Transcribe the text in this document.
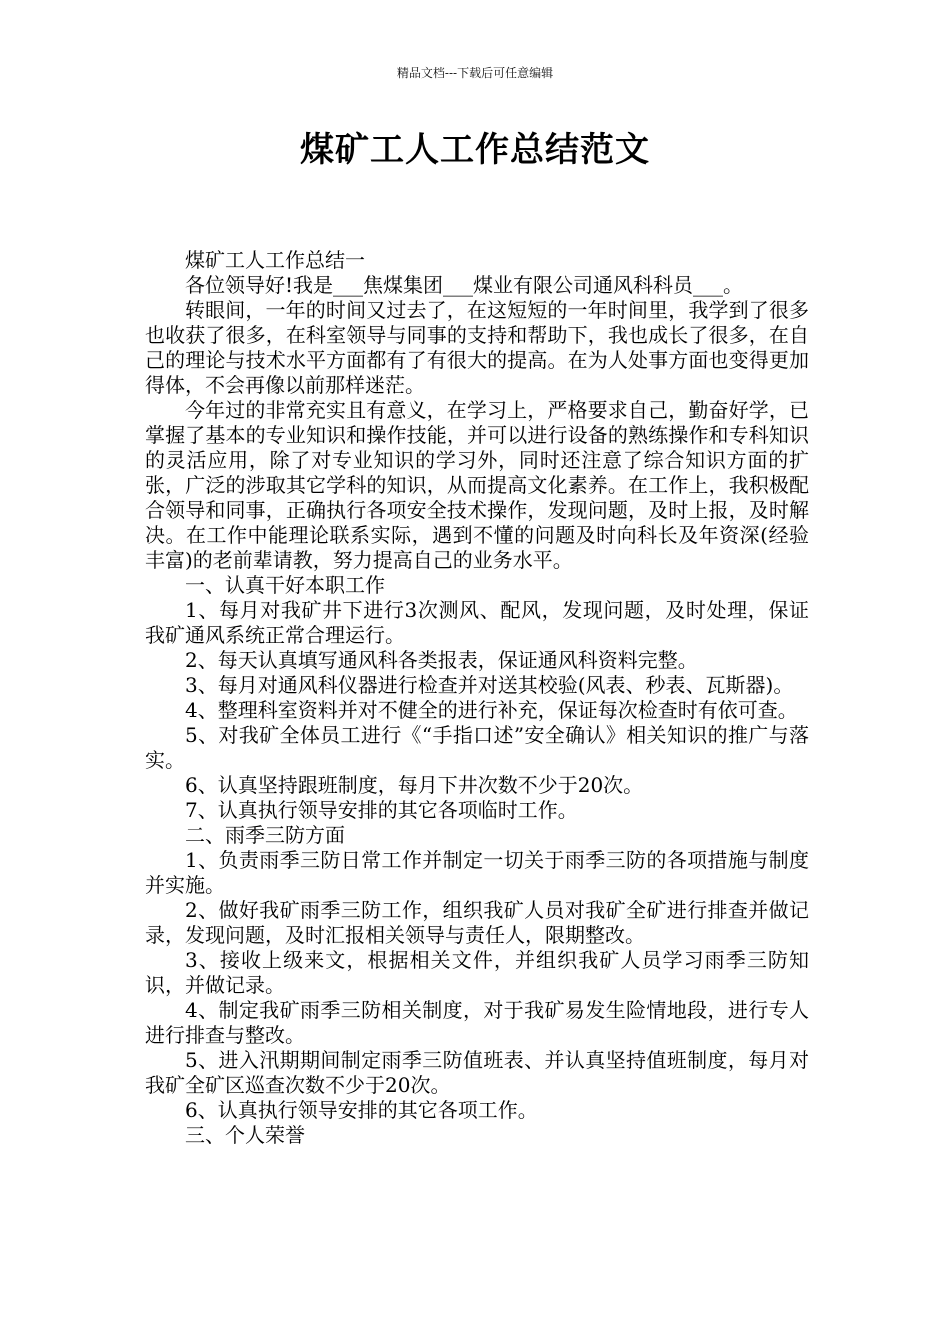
精品文档---下载后可任意编辑
煤矿工人工作总结范文

煤矿工人工作总结一

各位领导好!我是___焦煤集团___煤业有限公司通风科科员___。

转眼间，一年的时间又过去了，在这短短的一年时间里，我学到了很多也收获了很多，在科室领导与同事的支持和帮助下，我也成长了很多，在自己的理论与技术水平方面都有了有很大的提高。在为人处事方面也变得更加得体，不会再像以前那样迷茫。

今年过的非常充实且有意义，在学习上，严格要求自己，勤奋好学，已掌握了基本的专业知识和操作技能，并可以进行设备的熟练操作和专科知识的灵活应用，除了对专业知识的学习外，同时还注意了综合知识方面的扩张，广泛的涉取其它学科的知识，从而提高文化素养。在工作上，我积极配合领导和同事，正确执行各项安全技术操作，发现问题，及时上报，及时解决。在工作中能理论联系实际，遇到不懂的问题及时向科长及年资深(经验丰富)的老前辈请教，努力提高自己的业务水平。

一、认真干好本职工作

1、每月对我矿井下进行3次测风、配风，发现问题，及时处理，保证我矿通风系统正常合理运行。

2、每天认真填写通风科各类报表，保证通风科资料完整。

3、每月对通风科仪器进行检查并对送其校验(风表、秒表、瓦斯器)。

4、整理科室资料并对不健全的进行补充，保证每次检查时有依可查。

5、对我矿全体员工进行《“手指口述”安全确认》相关知识的推广与落实。

6、认真坚持跟班制度，每月下井次数不少于20次。

7、认真执行领导安排的其它各项临时工作。

二、雨季三防方面

1、负责雨季三防日常工作并制定一切关于雨季三防的各项措施与制度并实施。

2、做好我矿雨季三防工作，组织我矿人员对我矿全矿进行排查并做记录，发现问题，及时汇报相关领导与责任人，限期整改。

3、接收上级来文，根据相关文件，并组织我矿人员学习雨季三防知识，并做记录。

4、制定我矿雨季三防相关制度，对于我矿易发生险情地段，进行专人进行排查与整改。

5、进入汛期期间制定雨季三防值班表、并认真坚持值班制度，每月对我矿全矿区巡查次数不少于20次。

6、认真执行领导安排的其它各项工作。

三、个人荣誉
